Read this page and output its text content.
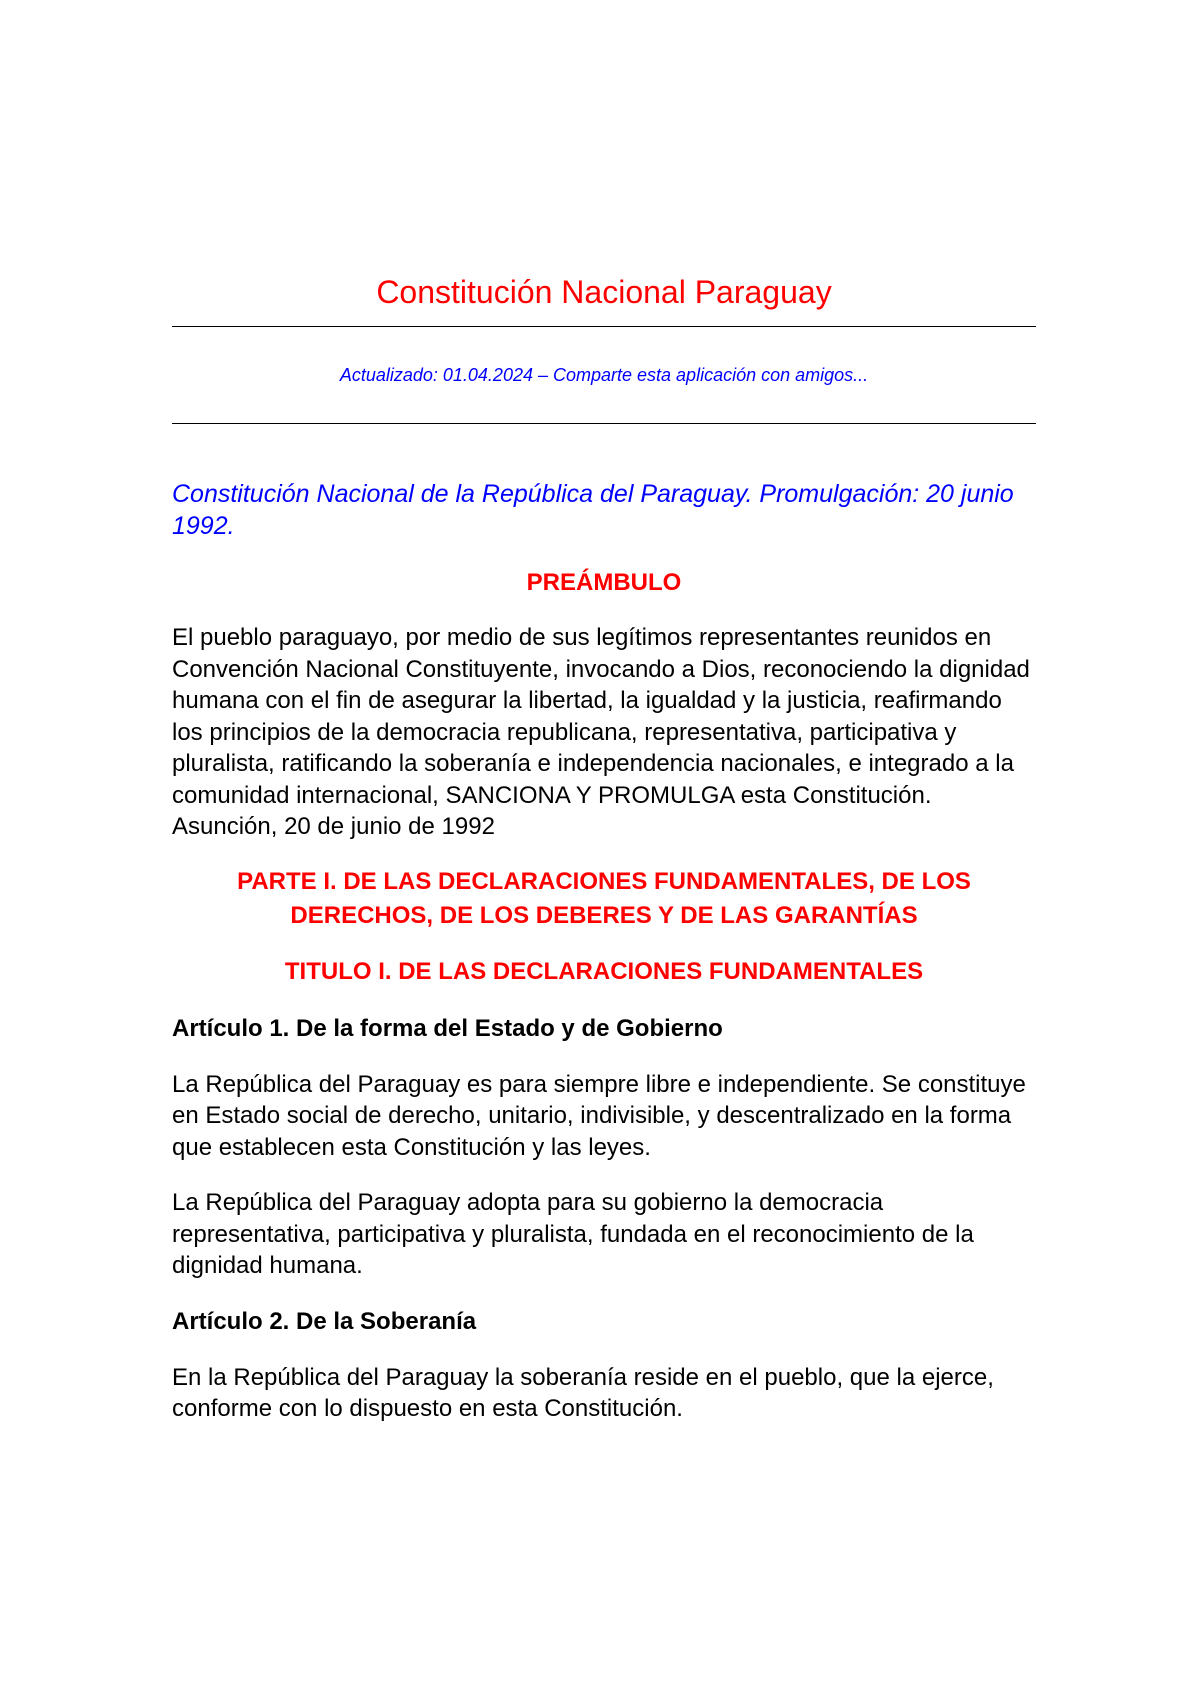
Constitución Nacional Paraguay

Actualizado: 01.04.2024 – Comparte esta aplicación con amigos...

Constitución Nacional de la República del Paraguay. Promulgación: 20 junio 1992.

PREÁMBULO

El pueblo paraguayo, por medio de sus legítimos representantes reunidos en Convención Nacional Constituyente, invocando a Dios, reconociendo la dignidad humana con el fin de asegurar la libertad, la igualdad y la justicia, reafirmando los principios de la democracia republicana, representativa, participativa y pluralista, ratificando la soberanía e independencia nacionales, e integrado a la comunidad internacional, SANCIONA Y PROMULGA esta Constitución.

Asunción, 20 de junio de 1992

PARTE I. DE LAS DECLARACIONES FUNDAMENTALES, DE LOS DERECHOS, DE LOS DEBERES Y DE LAS GARANTÍAS
TITULO I. DE LAS DECLARACIONES FUNDAMENTALES
Artículo 1. De la forma del Estado y de Gobierno

La República del Paraguay es para siempre libre e independiente. Se constituye en Estado social de derecho, unitario, indivisible, y descentralizado en la forma que establecen esta Constitución y las leyes.

La República del Paraguay adopta para su gobierno la democracia representativa, participativa y pluralista, fundada en el reconocimiento de la dignidad humana.

Artículo 2. De la Soberanía

En la República del Paraguay la soberanía reside en el pueblo, que la ejerce, conforme con lo dispuesto en esta Constitución.
